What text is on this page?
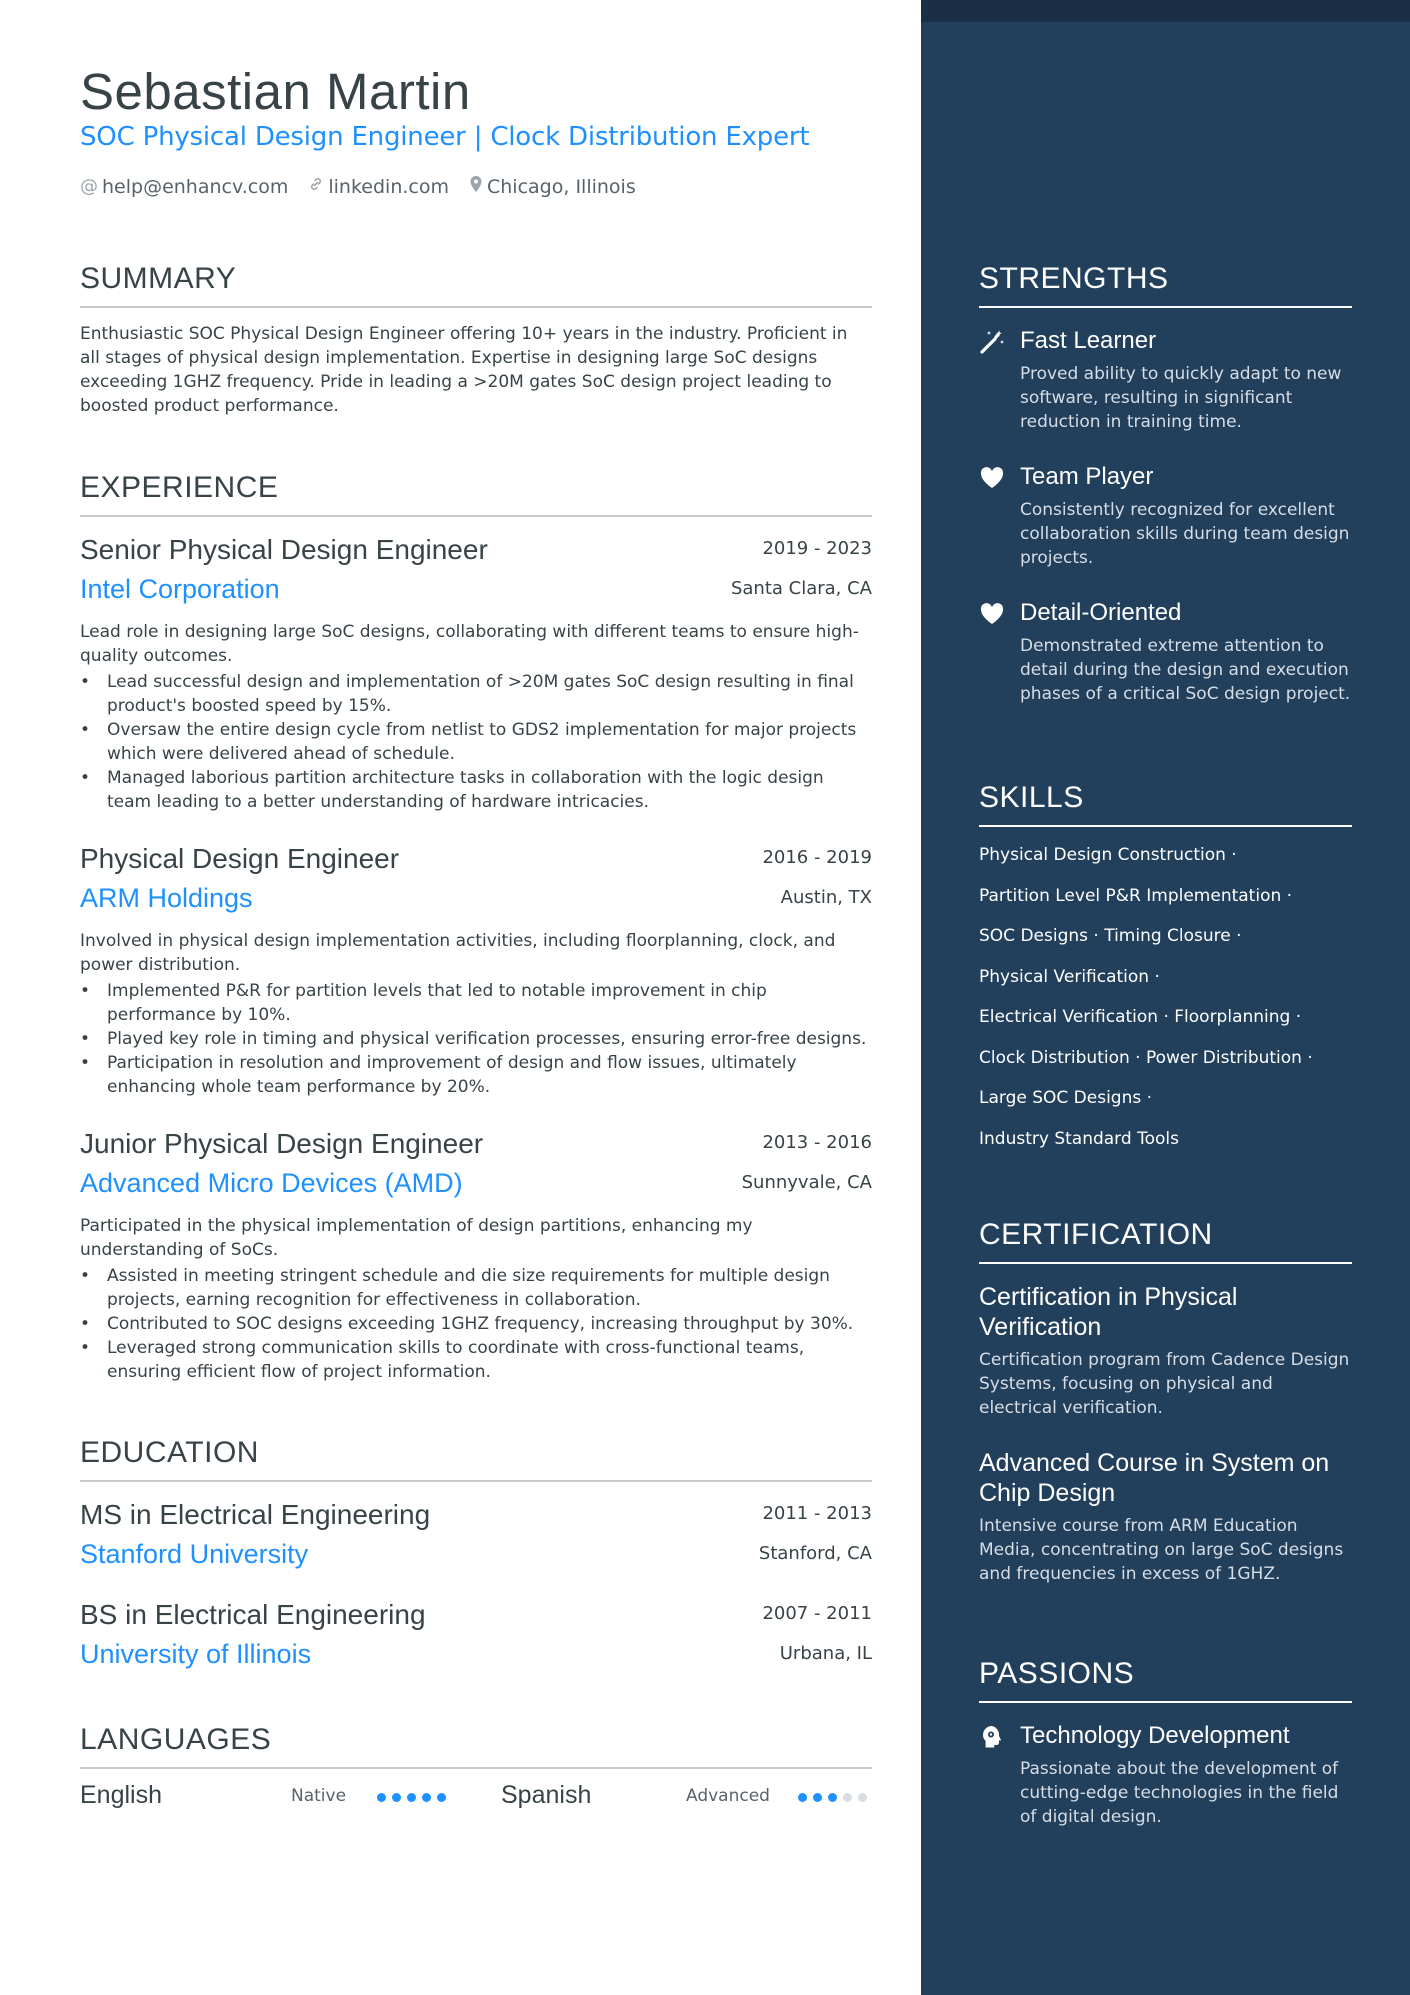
Sebastian Martin
SOC Physical Design Engineer | Clock Distribution Expert
@ help@enhancv.com linkedin.com Chicago, Illinois
SUMMARY
Enthusiastic SOC Physical Design Engineer offering 10+ years in the industry. Proficient in all stages of physical design implementation. Expertise in designing large SoC designs exceeding 1GHZ frequency. Pride in leading a >20M gates SoC design project leading to boosted product performance.
EXPERIENCE
Senior Physical Design Engineer	2019 - 2023
Intel Corporation	Santa Clara, CA
Lead role in designing large SoC designs, collaborating with different teams to ensure high-quality outcomes.
• Lead successful design and implementation of >20M gates SoC design resulting in final product's boosted speed by 15%.
• Oversaw the entire design cycle from netlist to GDS2 implementation for major projects which were delivered ahead of schedule.
• Managed laborious partition architecture tasks in collaboration with the logic design team leading to a better understanding of hardware intricacies.
Physical Design Engineer	2016 - 2019
ARM Holdings	Austin, TX
Involved in physical design implementation activities, including floorplanning, clock, and power distribution.
• Implemented P&R for partition levels that led to notable improvement in chip performance by 10%.
• Played key role in timing and physical verification processes, ensuring error-free designs.
• Participation in resolution and improvement of design and flow issues, ultimately enhancing whole team performance by 20%.
Junior Physical Design Engineer	2013 - 2016
Advanced Micro Devices (AMD)	Sunnyvale, CA
Participated in the physical implementation of design partitions, enhancing my understanding of SoCs.
• Assisted in meeting stringent schedule and die size requirements for multiple design projects, earning recognition for effectiveness in collaboration.
• Contributed to SOC designs exceeding 1GHZ frequency, increasing throughput by 30%.
• Leveraged strong communication skills to coordinate with cross-functional teams, ensuring efficient flow of project information.
EDUCATION
MS in Electrical Engineering	2011 - 2013
Stanford University	Stanford, CA
BS in Electrical Engineering	2007 - 2011
University of Illinois	Urbana, IL
LANGUAGES
English	Native	Spanish	Advanced
STRENGTHS
Fast Learner
Proved ability to quickly adapt to new software, resulting in significant reduction in training time.
Team Player
Consistently recognized for excellent collaboration skills during team design projects.
Detail-Oriented
Demonstrated extreme attention to detail during the design and execution phases of a critical SoC design project.
SKILLS
Physical Design Construction ·
Partition Level P&R Implementation ·
SOC Designs · Timing Closure ·
Physical Verification ·
Electrical Verification · Floorplanning ·
Clock Distribution · Power Distribution ·
Large SOC Designs ·
Industry Standard Tools
CERTIFICATION
Certification in Physical Verification
Certification program from Cadence Design Systems, focusing on physical and electrical verification.
Advanced Course in System on Chip Design
Intensive course from ARM Education Media, concentrating on large SoC designs and frequencies in excess of 1GHZ.
PASSIONS
Technology Development
Passionate about the development of cutting-edge technologies in the field of digital design.
